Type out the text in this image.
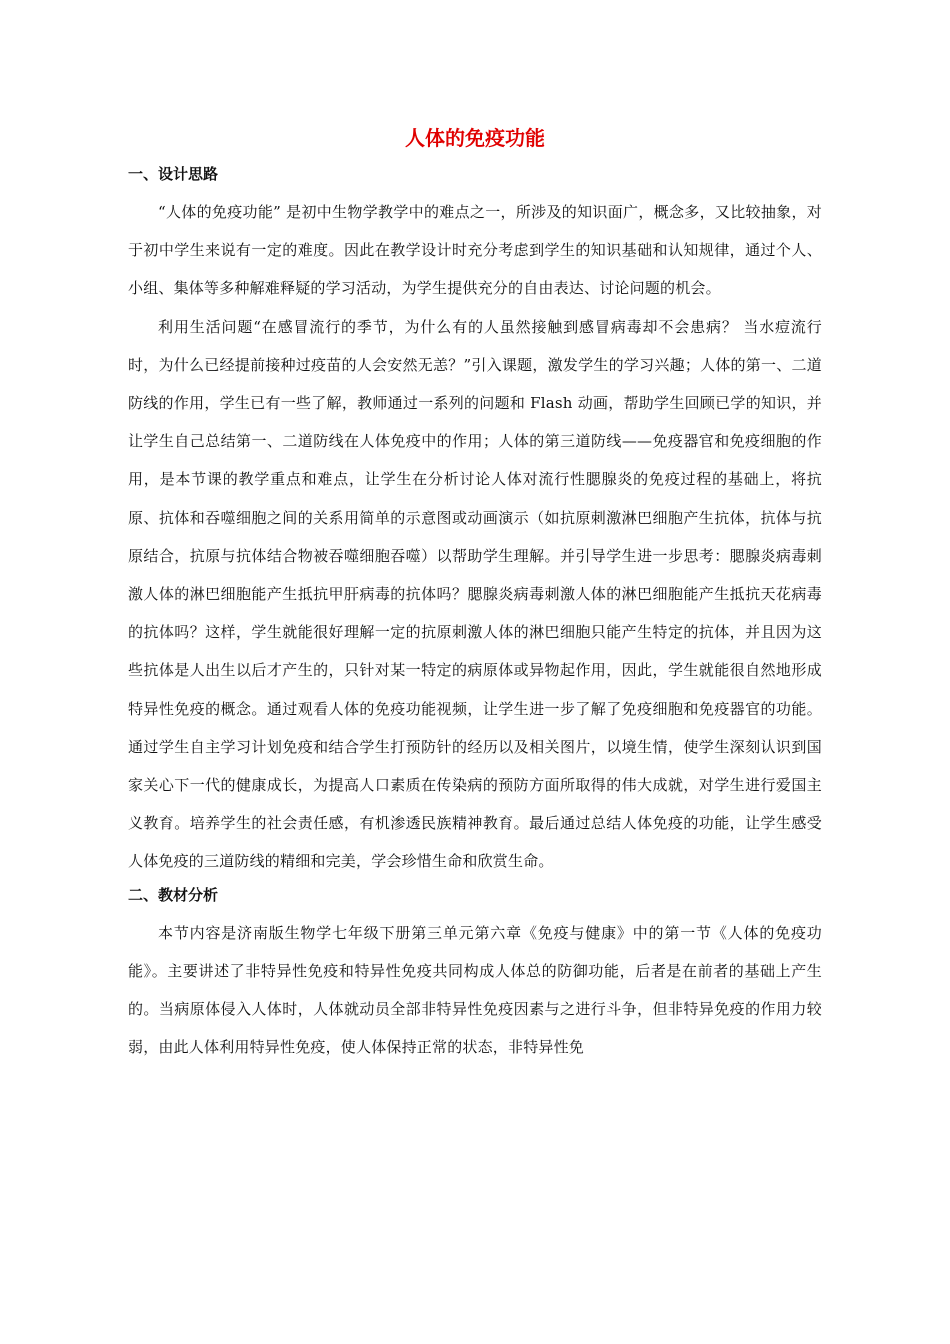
人体的免疫功能
一、设计思路

“人体的免疫功能” 是初中生物学教学中的难点之一，所涉及的知识面广，概念多，又比较抽象，对于初中学生来说有一定的难度。因此在教学设计时充分考虑到学生的知识基础和认知规律，通过个人、小组、集体等多种解难释疑的学习活动，为学生提供充分的自由表达、讨论问题的机会。

利用生活问题“在感冒流行的季节，为什么有的人虽然接触到感冒病毒却不会患病？ 当水痘流行时，为什么已经提前接种过疫苗的人会安然无恙？”引入课题，激发学生的学习兴趣；人体的第一、二道防线的作用，学生已有一些了解，教师通过一系列的问题和 Flash 动画，帮助学生回顾已学的知识，并让学生自己总结第一、二道防线在人体免疫中的作用；人体的第三道防线——免疫器官和免疫细胞的作用，是本节课的教学重点和难点，让学生在分析讨论人体对流行性腮腺炎的免疫过程的基础上，将抗原、抗体和吞噬细胞之间的关系用简单的示意图或动画演示（如抗原刺激淋巴细胞产生抗体，抗体与抗原结合，抗原与抗体结合物被吞噬细胞吞噬）以帮助学生理解。并引导学生进一步思考：腮腺炎病毒刺激人体的淋巴细胞能产生抵抗甲肝病毒的抗体吗？腮腺炎病毒刺激人体的淋巴细胞能产生抵抗天花病毒的抗体吗？这样，学生就能很好理解一定的抗原刺激人体的淋巴细胞只能产生特定的抗体，并且因为这些抗体是人出生以后才产生的，只针对某一特定的病原体或异物起作用，因此，学生就能很自然地形成特异性免疫的概念。通过观看人体的免疫功能视频，让学生进一步了解了免疫细胞和免疫器官的功能。通过学生自主学习计划免疫和结合学生打预防针的经历以及相关图片，以境生情，使学生深刻认识到国家关心下一代的健康成长，为提高人口素质在传染病的预防方面所取得的伟大成就，对学生进行爱国主义教育。培养学生的社会责任感，有机渗透民族精神教育。最后通过总结人体免疫的功能，让学生感受人体免疫的三道防线的精细和完美，学会珍惜生命和欣赏生命。

二、教材分析

本节内容是济南版生物学七年级下册第三单元第六章《免疫与健康》中的第一节《人体的免疫功能》。主要讲述了非特异性免疫和特异性免疫共同构成人体总的防御功能，后者是在前者的基础上产生的。当病原体侵入人体时，人体就动员全部非特异性免疫因素与之进行斗争，但非特异免疫的作用力较弱，由此人体利用特异性免疫，使人体保持正常的状态，非特异性免
